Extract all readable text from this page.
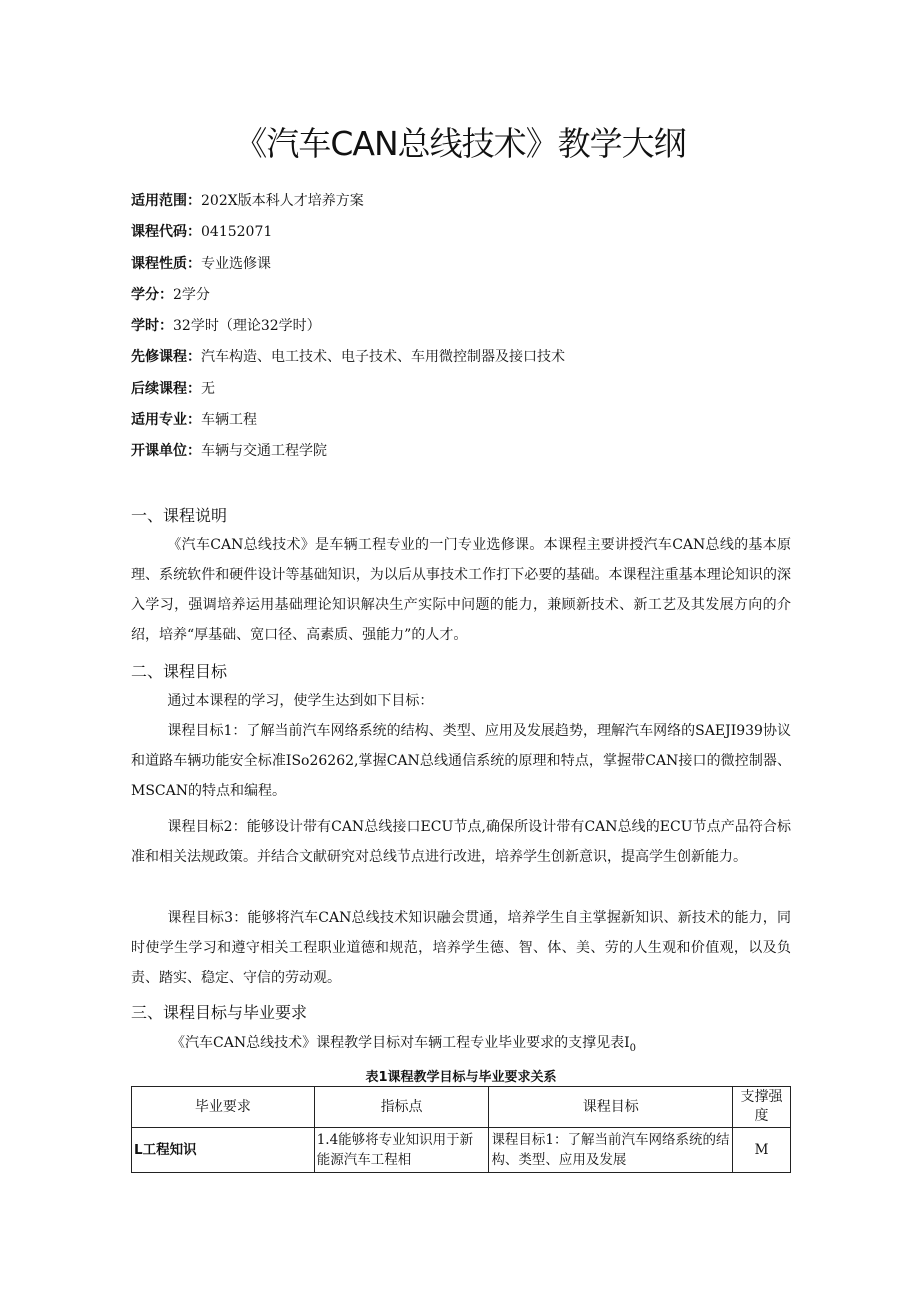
《汽车CAN总线技术》教学大纲
适用范围：202X版本科人才培养方案
课程代码：04152071
课程性质：专业选修课
学分：2学分
学时：32学时（理论32学时）
先修课程：汽车构造、电工技术、电子技术、车用微控制器及接口技术
后续课程：无
适用专业：车辆工程
开课单位：车辆与交通工程学院
一、课程说明
《汽车CAN总线技术》是车辆工程专业的一门专业选修课。本课程主要讲授汽车CAN总线的基本原理、系统软件和硬件设计等基础知识，为以后从事技术工作打下必要的基础。本课程注重基本理论知识的深入学习，强调培养运用基础理论知识解决生产实际中问题的能力，兼顾新技术、新工艺及其发展方向的介绍，培养“厚基础、宽口径、高素质、强能力”的人才。
二、课程目标
通过本课程的学习，使学生达到如下目标：
课程目标1：了解当前汽车网络系统的结构、类型、应用及发展趋势，理解汽车网络的SAEJI939协议和道路车辆功能安全标准ISo26262,掌握CAN总线通信系统的原理和特点，掌握带CAN接口的微控制器、MSCAN的特点和编程。
课程目标2：能够设计带有CAN总线接口ECU节点,确保所设计带有CAN总线的ECU节点产品符合标准和相关法规政策。并结合文献研究对总线节点进行改进，培养学生创新意识，提高学生创新能力。
课程目标3：能够将汽车CAN总线技术知识融会贯通，培养学生自主掌握新知识、新技术的能力，同时使学生学习和遵守相关工程职业道德和规范，培养学生德、智、体、美、劳的人生观和价值观，以及负责、踏实、稳定、守信的劳动观。
三、课程目标与毕业要求
《汽车CAN总线技术》课程教学目标对车辆工程专业毕业要求的支撑见表$I_0$
表1课程教学目标与毕业要求关系
毕业要求	指标点	课程目标	支撑强度
L工程知识	1.4能够将专业知识用于新能源汽车工程相	课程目标1：了解当前汽车网络系统的结构、类型、应用及发展	M
